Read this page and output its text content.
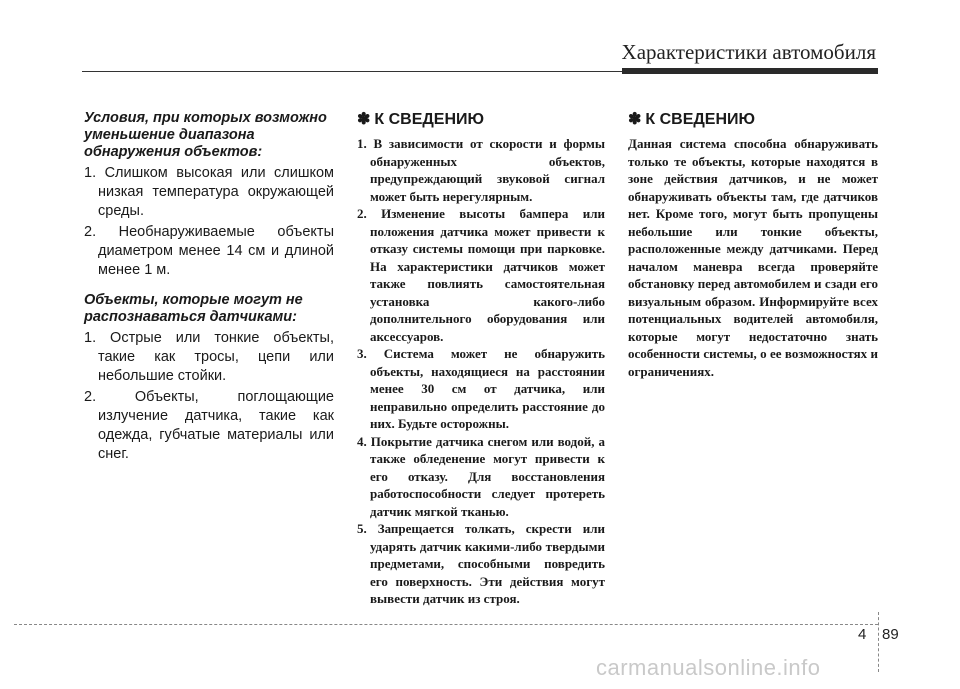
Характеристики автомобиля
Условия, при которых возможно уменьшение диапазона обнаружения объектов:
1. Слишком высокая или слишком низкая температура окружающей среды.
2. Необнаруживаемые объекты диаметром менее 14 см и длиной менее 1 м.
Объекты, которые могут не распознаваться датчиками:
1. Острые или тонкие объекты, такие как тросы, цепи или небольшие стойки.
2. Объекты, поглощающие излучение датчика, такие как одежда, губчатые материалы или снег.
✽ К СВЕДЕНИЮ
1. В зависимости от скорости и формы обнаруженных объектов, предупреждающий звуковой сигнал может быть нерегулярным.
2. Изменение высоты бампера или положения датчика может привести к отказу системы помощи при парковке. На характеристики датчиков может также повлиять самостоятельная установка какого-либо дополнительного оборудования или аксессуаров.
3. Система может не обнаружить объекты, находящиеся на расстоянии менее 30 см от датчика, или неправильно определить расстояние до них. Будьте осторожны.
4. Покрытие датчика снегом или водой, а также обледенение могут привести к его отказу. Для восстановления работоспособности следует протереть датчик мягкой тканью.
5. Запрещается толкать, скрести или ударять датчик какими-либо твердыми предметами, способными повредить его поверхность. Эти действия могут вывести датчик из строя.
✽ К СВЕДЕНИЮ
Данная система способна обнаруживать только те объекты, которые находятся в зоне действия датчиков, и не может обнаруживать объекты там, где датчиков нет. Кроме того, могут быть пропущены небольшие или тонкие объекты, расположенные между датчиками. Перед началом маневра всегда проверяйте обстановку перед автомобилем и сзади его визуальным образом. Информируйте всех потенциальных водителей автомобиля, которые могут недостаточно знать особенности системы, о ее возможностях и ограничениях.
4 89
carmanualsonline.info
